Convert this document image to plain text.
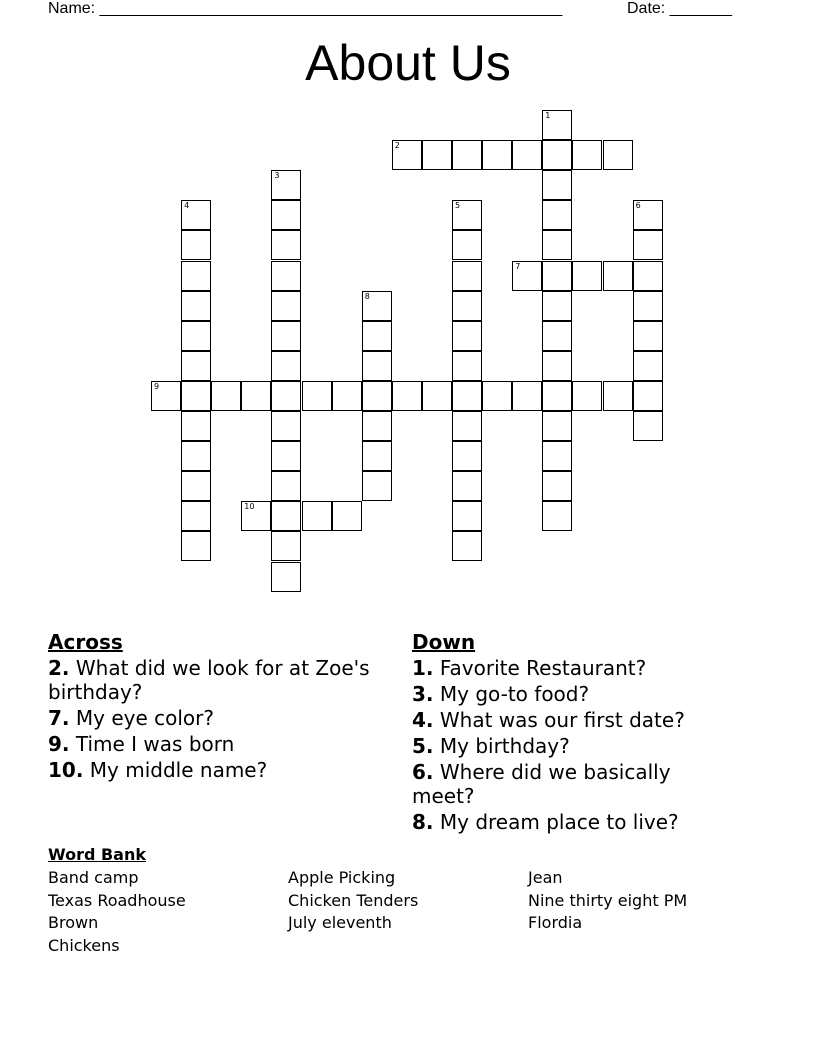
Name: ____________________________________________________	Date: _______
About Us
1
2
3
4	5	6
7
8
9
10
Across
2. What did we look for at Zoe's birthday?
7. My eye color?
9. Time I was born
10. My middle name?
Down
1. Favorite Restaurant?
3. My go-to food?
4. What was our first date?
5. My birthday?
6. Where did we basically meet?
8. My dream place to live?
Word Bank
Band camp	Apple Picking	Jean
Texas Roadhouse	Chicken Tenders	Nine thirty eight PM
Brown	July eleventh	Flordia
Chickens
